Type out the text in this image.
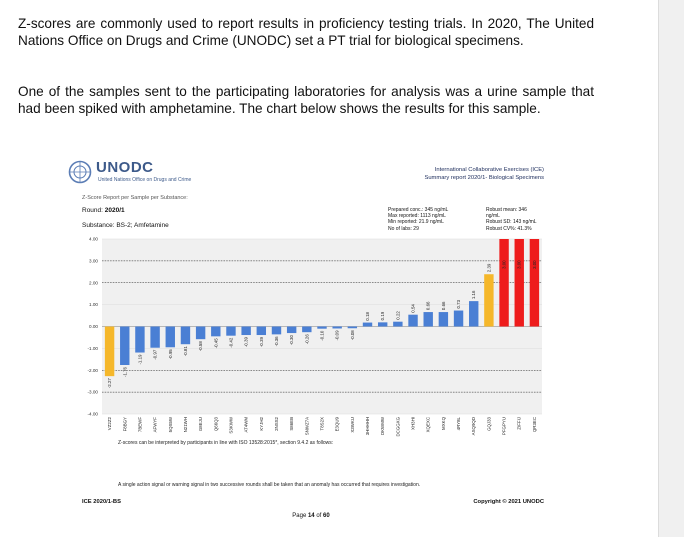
Z-scores are commonly used to report results in proficiency testing trials. In 2020, The United Nations Office on Drugs and Crime (UNODC) set a PT trial for biological specimens.

One of the samples sent to the participating laboratories for analysis was a urine sample that had been spiked with amphetamine. The chart below shows the results for this sample.

UNODC
United Nations Office on Drugs and Crime
International Collaborative Exercises (ICE)
Summary report 2020/1- Biological Specimens
Z-Score Report per Sample per Substance:
Round: 2020/1
Substance: BS-2; Amfetamine
Prepared conc.: 345 ng/mL
Max reported: 1113 ng/mL
Min reported: 21.9 ng/mL
No of labs: 29
Robust mean: 346
ng/mL
Robust SD: 143 ng/mL
Robust CV%: 41.3%
4.00
3.00
2.00
1.00
0.00
-1.00
-2.00
-3.00
-4.00
-2.27
VZ2Z2
-1.76
F8BGY
-1.19
7BEWF
-0.97
AFWYF
-0.95
5QS5W
-0.81
N21WH
-0.58
G8EJU
-0.45
Q66Q3
-0.42
S3KWW
-0.39
AT4WM
-0.39
KYJH2
-0.36
2NSS2
-0.30
S86EB
-0.26
SNWZ7A
-0.10
T8S2X
-0.09
E3QU9
-0.08
X3WKU
0.18
3HHHHH
0.19
DKWMW
0.22
DCGGXG
0.54
XH3HI
0.66
XQEXC
0.66
MXKQ
0.73
4RY8L
1.16
ASQ9QD
2.39
GQJ33
3.00
PFGPYU
3.00
ZIFFIJ
3.00
QR3EC
Z-scores can be interpreted by participants in line with ISO 13528:2015*, section 9.4.2 as follows:
A single action signal or warning signal in two successive rounds shall be taken that an anomaly has occurred that requires investigation.
ICE 2020/1-BS	Copyright © 2021 UNODC
Page 14 of 60
